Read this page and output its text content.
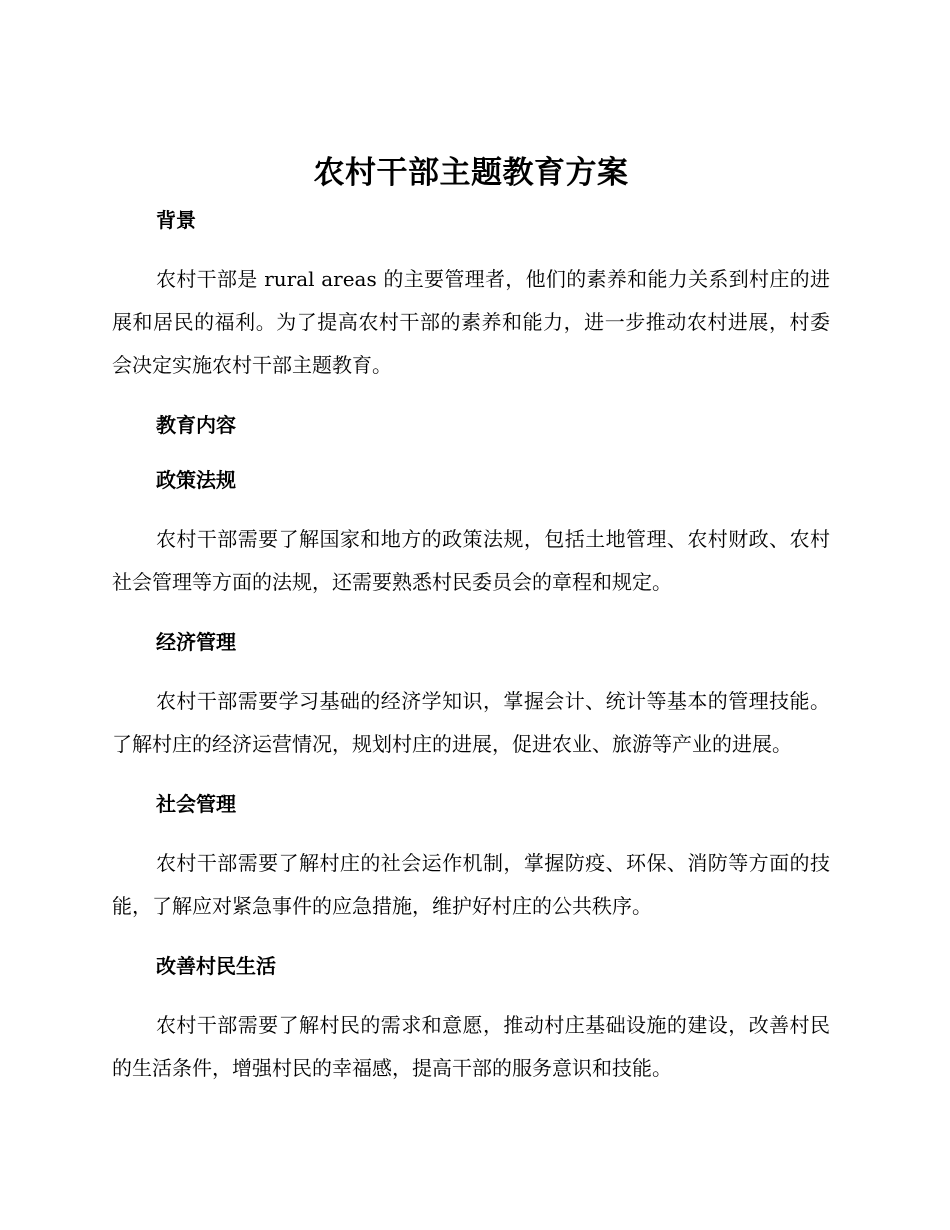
农村干部主题教育方案

背景

农村干部是 rural areas 的主要管理者，他们的素养和能力关系到村庄的进展和居民的福利。为了提高农村干部的素养和能力，进一步推动农村进展，村委会决定实施农村干部主题教育。

教育内容

政策法规

农村干部需要了解国家和地方的政策法规，包括土地管理、农村财政、农村社会管理等方面的法规，还需要熟悉村民委员会的章程和规定。

经济管理

农村干部需要学习基础的经济学知识，掌握会计、统计等基本的管理技能。了解村庄的经济运营情况，规划村庄的进展，促进农业、旅游等产业的进展。

社会管理

农村干部需要了解村庄的社会运作机制，掌握防疫、环保、消防等方面的技能，了解应对紧急事件的应急措施，维护好村庄的公共秩序。

改善村民生活

农村干部需要了解村民的需求和意愿，推动村庄基础设施的建设，改善村民的生活条件，增强村民的幸福感，提高干部的服务意识和技能。
